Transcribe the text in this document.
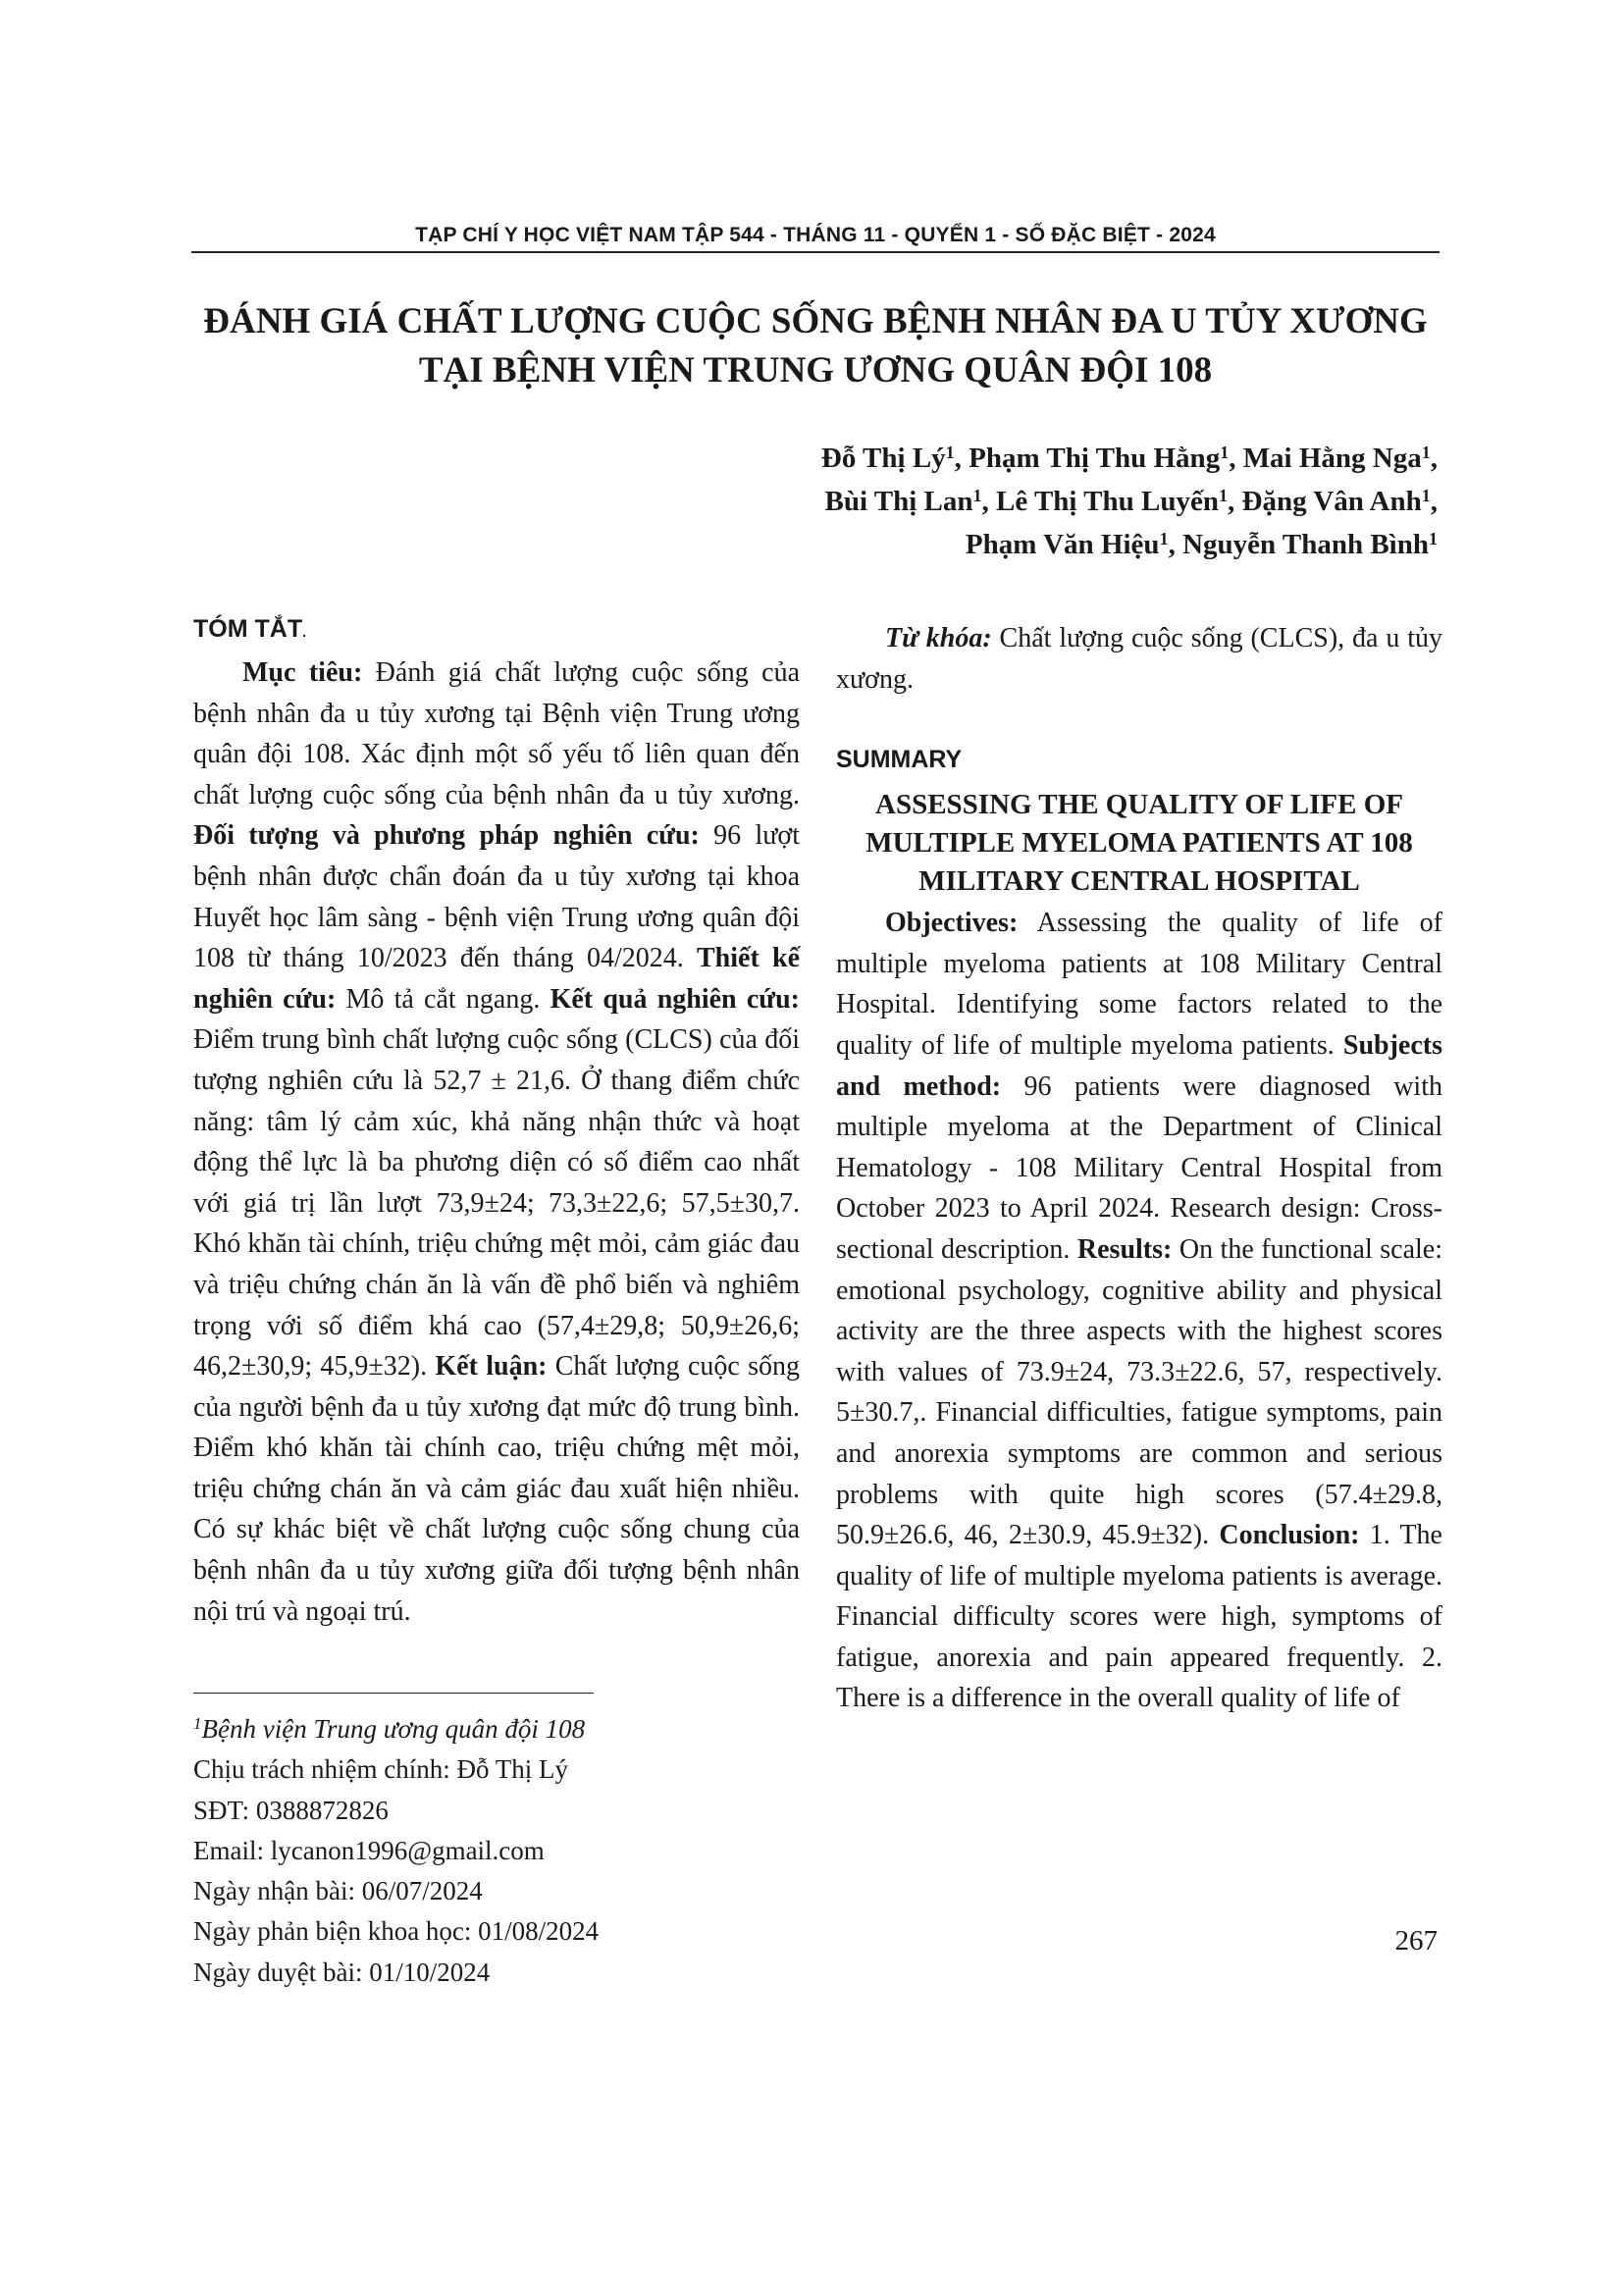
TẠP CHÍ Y HỌC VIỆT NAM TẬP 544 - THÁNG 11 - QUYỂN 1 - SỐ ĐẶC BIỆT - 2024
ĐÁNH GIÁ CHẤT LƯỢNG CUỘC SỐNG BỆNH NHÂN ĐA U TỦY XƯƠNG
TẠI BỆNH VIỆN TRUNG ƯƠNG QUÂN ĐỘI 108
Đỗ Thị $Lý^1$, Phạm Thị Thu Hằng$^1$, Mai Hằng Nga$^1$,
Bùi Thị Lan$^1$, Lê Thị Thu Luyến$^1$, Đặng Vân Anh$^1$,
Phạm Văn Hiệu$^1$, Nguyễn Thanh Bình$^1$
TÓM TẮT.

Mục tiêu: Đánh giá chất lượng cuộc sống của bệnh nhân đa u tủy xương tại Bệnh viện Trung ương quân đội 108. Xác định một số yếu tố liên quan đến chất lượng cuộc sống của bệnh nhân đa u tủy xương. Đối tượng và phương pháp nghiên cứu: 96 lượt bệnh nhân được chẩn đoán đa u tủy xương tại khoa Huyết học lâm sàng - bệnh viện Trung ương quân đội 108 từ tháng 10/2023 đến tháng 04/2024. Thiết kế nghiên cứu: Mô tả cắt ngang. Kết quả nghiên cứu: Điểm trung bình chất lượng cuộc sống (CLCS) của đối tượng nghiên cứu là 52,7 ± 21,6. Ở thang điểm chức năng: tâm lý cảm xúc, khả năng nhận thức và hoạt động thể lực là ba phương diện có số điểm cao nhất với giá trị lần lượt 73,9±24; 73,3±22,6; 57,5±30,7. Khó khăn tài chính, triệu chứng mệt mỏi, cảm giác đau và triệu chứng chán ăn là vấn đề phổ biến và nghiêm trọng với số điểm khá cao (57,4±29,8; 50,9±26,6; 46,2±30,9; 45,9±32). Kết luận: Chất lượng cuộc sống của người bệnh đa u tủy xương đạt mức độ trung bình. Điểm khó khăn tài chính cao, triệu chứng mệt mỏi, triệu chứng chán ăn và cảm giác đau xuất hiện nhiều. Có sự khác biệt về chất lượng cuộc sống chung của bệnh nhân đa u tủy xương giữa đối tượng bệnh nhân nội trú và ngoại trú.

$^1$Bệnh viện Trung ương quân đội 108
Chịu trách nhiệm chính: Đỗ Thị Lý
SĐT: 0388872826
Email: lycanon1996@gmail.com
Ngày nhận bài: 06/07/2024
Ngày phản biện khoa học: 01/08/2024
Ngày duyệt bài: 01/10/2024

Từ khóa: Chất lượng cuộc sống (CLCS), đa u tủy xương.

SUMMARY
ASSESSING THE QUALITY OF LIFE OF MULTIPLE MYELOMA PATIENTS AT 108 MILITARY CENTRAL HOSPITAL

Objectives: Assessing the quality of life of multiple myeloma patients at 108 Military Central Hospital. Identifying some factors related to the quality of life of multiple myeloma patients. Subjects and method: 96 patients were diagnosed with multiple myeloma at the Department of Clinical Hematology - 108 Military Central Hospital from October 2023 to April 2024. Research design: Cross-sectional description. Results: On the functional scale: emotional psychology, cognitive ability and physical activity are the three aspects with the highest scores with values of 73.9±24, 73.3±22.6, 57, respectively. 5±30.7,. Financial difficulties, fatigue symptoms, pain and anorexia symptoms are common and serious problems with quite high scores (57.4±29.8, 50.9±26.6, 46, 2±30.9, 45.9±32). Conclusion: 1. The quality of life of multiple myeloma patients is average. Financial difficulty scores were high, symptoms of fatigue, anorexia and pain appeared frequently. 2. There is a difference in the overall quality of life of

267
